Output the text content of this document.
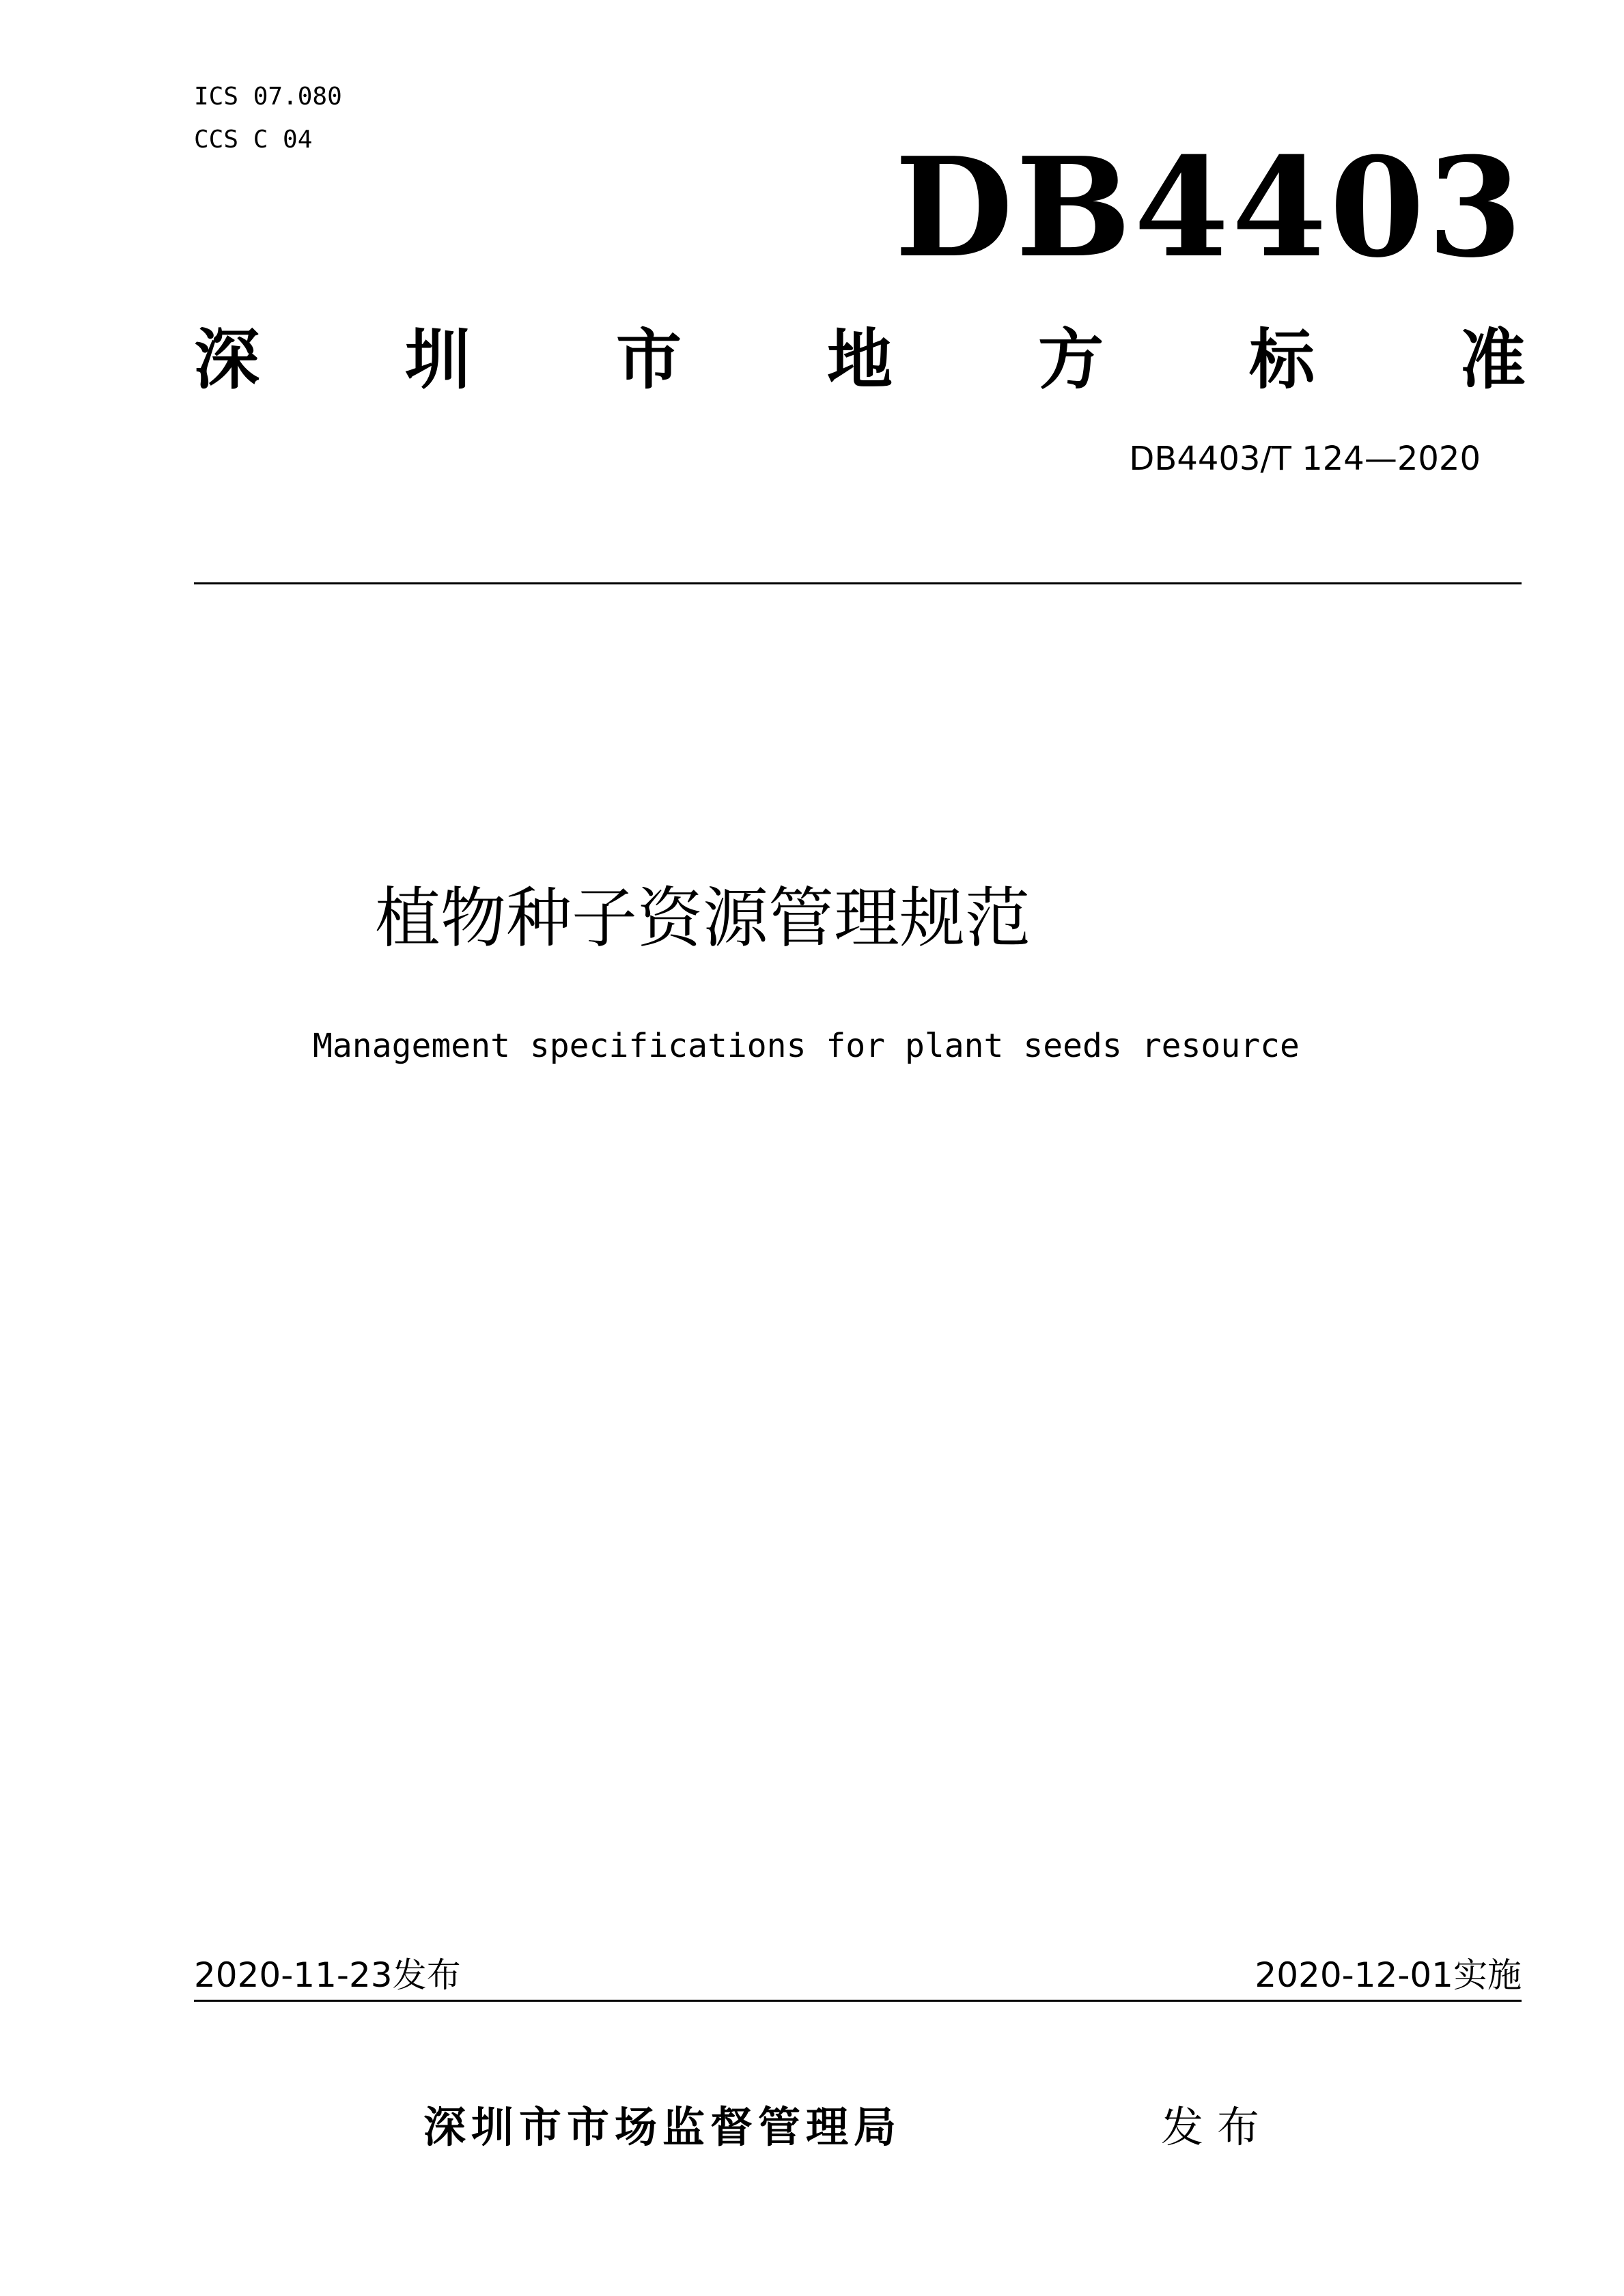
ICS 07.080
CCS C 04	DB4403
深 圳 市 地 方 标 准
DB4403/T 124—2020
植物种子资源管理规范
Management specifications for plant seeds resource
2020-11-23发布	2020-12-01实施
深圳市市场监督管理局	发布
